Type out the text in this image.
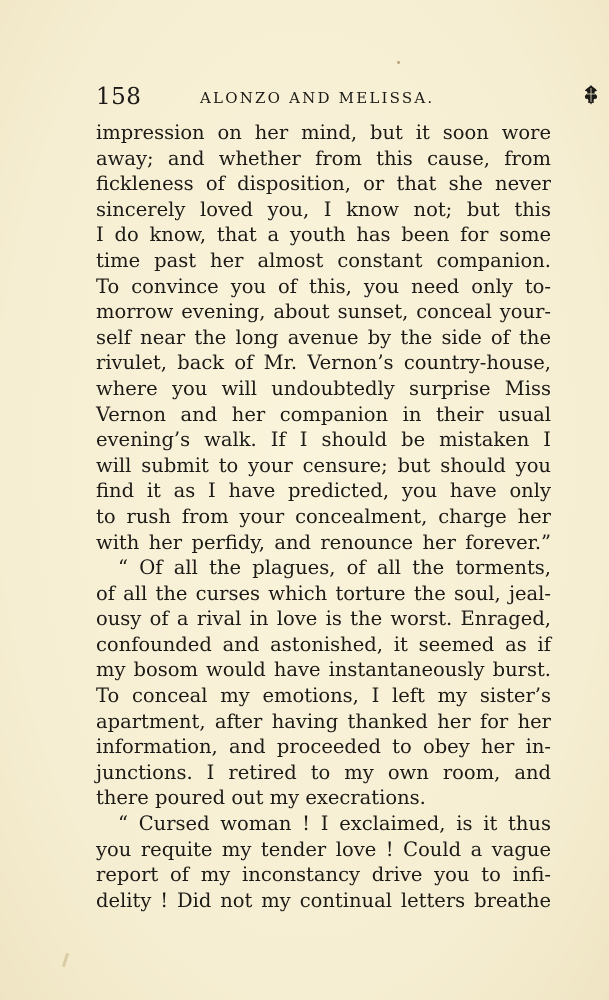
158	ALONZO AND MELISSA.
impression on her mind, but it soon wore
away; and whether from this cause, from
fickleness of disposition, or that she never
sincerely loved you, I know not; but this
I do know, that a youth has been for some
time past her almost constant companion.
To convince you of this, you need only to-
morrow evening, about sunset, conceal your-
self near the long avenue by the side of the
rivulet, back of Mr. Vernon’s country-house,
where you will undoubtedly surprise Miss
Vernon and her companion in their usual
evening’s walk. If I should be mistaken I
will submit to your censure; but should you
find it as I have predicted, you have only
to rush from your concealment, charge her
with her perfidy, and renounce her forever.”
“ Of all the plagues, of all the torments,
of all the curses which torture the soul, jeal-
ousy of a rival in love is the worst. Enraged,
confounded and astonished, it seemed as if
my bosom would have instantaneously burst.
To conceal my emotions, I left my sister’s
apartment, after having thanked her for her
information, and proceeded to obey her in-
junctions. I retired to my own room, and
there poured out my execrations.
“ Cursed woman ! I exclaimed, is it thus
you requite my tender love ! Could a vague
report of my inconstancy drive you to infi-
delity ! Did not my continual letters breathe
